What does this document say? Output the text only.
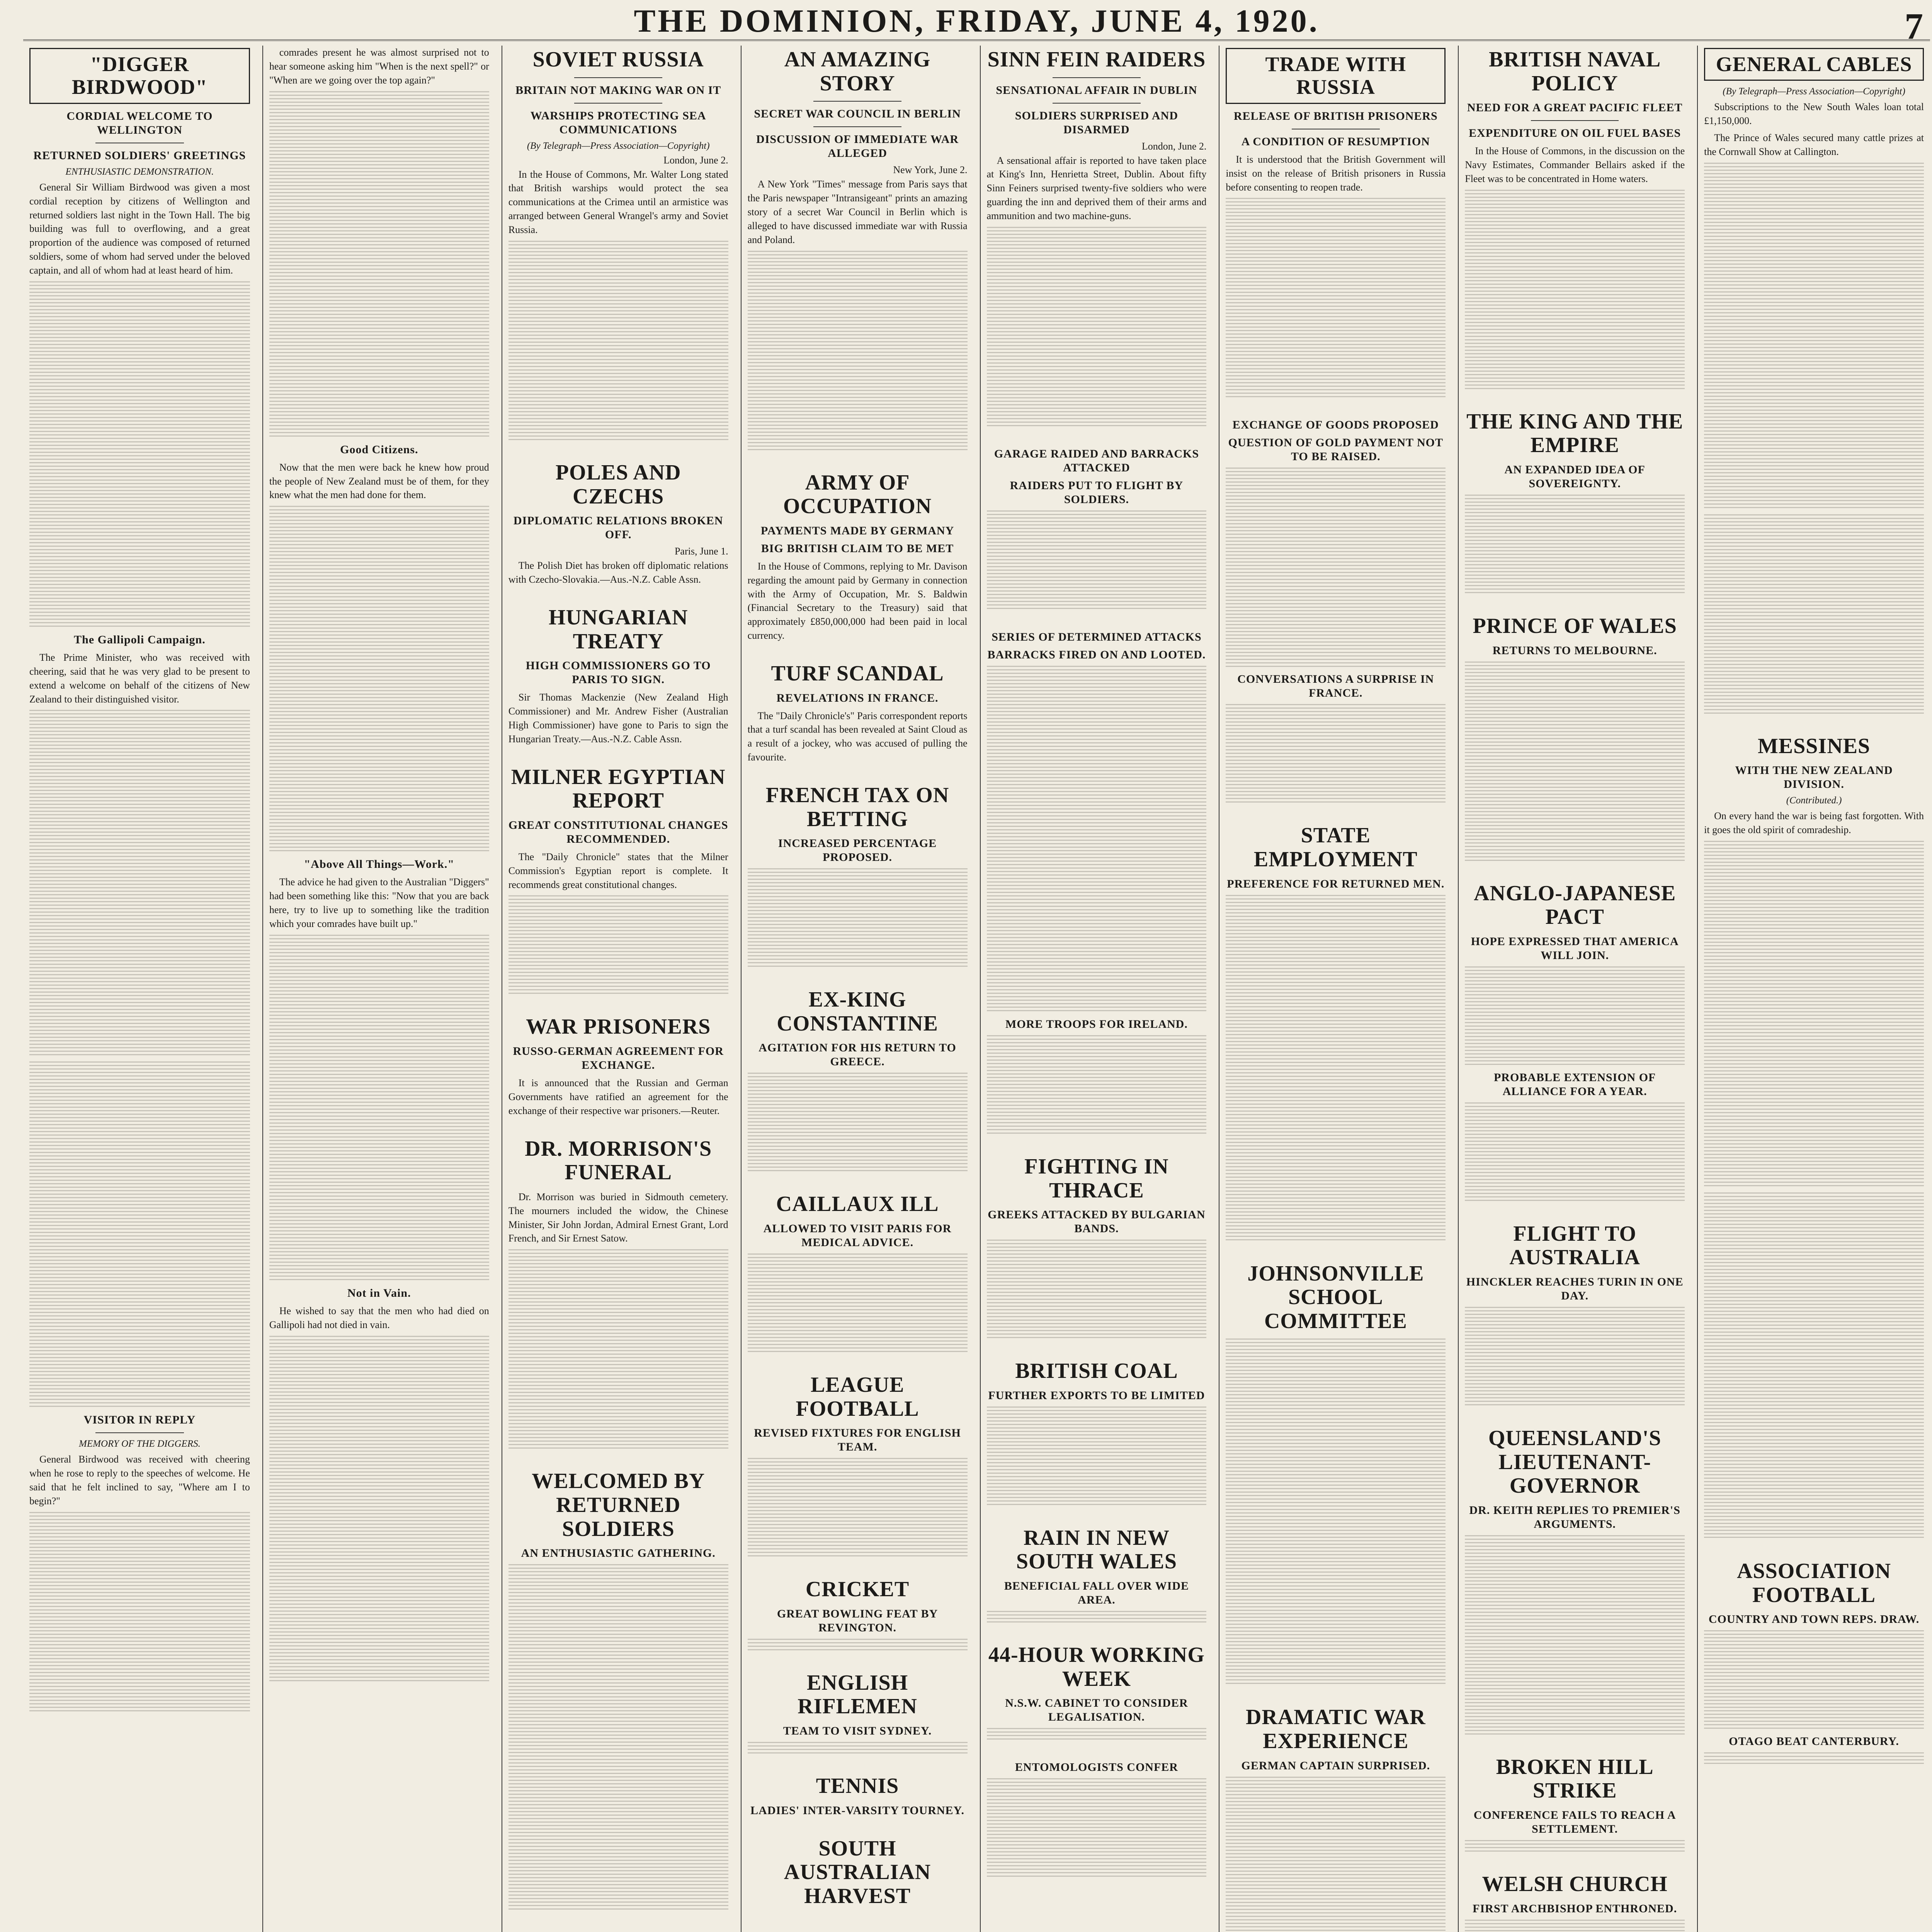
THE DOMINION, FRIDAY, JUNE 4, 1920.	7
"DIGGER BIRDWOOD"
CORDIAL WELCOME TO WELLINGTON
RETURNED SOLDIERS' GREETINGS
ENTHUSIASTIC DEMONSTRATION.

General Sir William Birdwood was given a most cordial reception by citizens of Wellington and returned soldiers last night in the Town Hall. The big building was full to overflowing, and a great proportion of the audience was composed of returned soldiers, some of whom had served under the beloved captain, and all of whom had at least heard of him.

The Gallipoli Campaign.

The Prime Minister, who was received with cheering, said that he was very glad to be present to extend a welcome on behalf of the citizens of New Zealand to their distinguished visitor.

VISITOR IN REPLY
MEMORY OF THE DIGGERS.

General Birdwood was received with cheering when he rose to reply to the speeches of welcome. He said that he felt inclined to say, "Where am I to begin?"

comrades present he was almost surprised not to hear someone asking him "When is the next spell?" or "When are we going over the top again?"

Good Citizens.

Now that the men were back he knew how proud the people of New Zealand must be of them, for they knew what the men had done for them.

"Above All Things—Work."

The advice he had given to the Australian "Diggers" had been something like this: "Now that you are back here, try to live up to something like the tradition which your comrades have built up."

Not in Vain.

He wished to say that the men who had died on Gallipoli had not died in vain.

SOVIET RUSSIA
BRITAIN NOT MAKING WAR ON IT
WARSHIPS PROTECTING SEA COMMUNICATIONS
(By Telegraph—Press Association—Copyright)
London, June 2.

In the House of Commons, Mr. Walter Long stated that British warships would protect the sea communications at the Crimea until an armistice was arranged between General Wrangel's army and Soviet Russia.

POLES AND CZECHS
DIPLOMATIC RELATIONS BROKEN OFF.
Paris, June 1.

The Polish Diet has broken off diplomatic relations with Czecho-Slovakia.—Aus.-N.Z. Cable Assn.

HUNGARIAN TREATY
HIGH COMMISSIONERS GO TO PARIS TO SIGN.

Sir Thomas Mackenzie (New Zealand High Commissioner) and Mr. Andrew Fisher (Australian High Commissioner) have gone to Paris to sign the Hungarian Treaty.—Aus.-N.Z. Cable Assn.

MILNER EGYPTIAN REPORT
GREAT CONSTITUTIONAL CHANGES RECOMMENDED.

The "Daily Chronicle" states that the Milner Commission's Egyptian report is complete. It recommends great constitutional changes.

WAR PRISONERS
RUSSO-GERMAN AGREEMENT FOR EXCHANGE.

It is announced that the Russian and German Governments have ratified an agreement for the exchange of their respective war prisoners.—Reuter.

DR. MORRISON'S FUNERAL

Dr. Morrison was buried in Sidmouth cemetery. The mourners included the widow, the Chinese Minister, Sir John Jordan, Admiral Ernest Grant, Lord French, and Sir Ernest Satow.

WELCOMED BY RETURNED SOLDIERS
AN ENTHUSIASTIC GATHERING.
AN AMAZING STORY
SECRET WAR COUNCIL IN BERLIN
DISCUSSION OF IMMEDIATE WAR ALLEGED
New York, June 2.

A New York "Times" message from Paris says that the Paris newspaper "Intransigeant" prints an amazing story of a secret War Council in Berlin which is alleged to have discussed immediate war with Russia and Poland.

ARMY OF OCCUPATION
PAYMENTS MADE BY GERMANY
BIG BRITISH CLAIM TO BE MET

In the House of Commons, replying to Mr. Davison regarding the amount paid by Germany in connection with the Army of Occupation, Mr. S. Baldwin (Financial Secretary to the Treasury) said that approximately £850,000,000 had been paid in local currency.

TURF SCANDAL
REVELATIONS IN FRANCE.

The "Daily Chronicle's" Paris correspondent reports that a turf scandal has been revealed at Saint Cloud as a result of a jockey, who was accused of pulling the favourite.

FRENCH TAX ON BETTING
INCREASED PERCENTAGE PROPOSED.
EX-KING CONSTANTINE
AGITATION FOR HIS RETURN TO GREECE.
CAILLAUX ILL
ALLOWED TO VISIT PARIS FOR MEDICAL ADVICE.
LEAGUE FOOTBALL
REVISED FIXTURES FOR ENGLISH TEAM.
CRICKET
GREAT BOWLING FEAT BY REVINGTON.
ENGLISH RIFLEMEN
TEAM TO VISIT SYDNEY.
TENNIS
LADIES' INTER-VARSITY TOURNEY.
SOUTH AUSTRALIAN HARVEST
SINN FEIN RAIDERS
SENSATIONAL AFFAIR IN DUBLIN
SOLDIERS SURPRISED AND DISARMED
London, June 2.

A sensational affair is reported to have taken place at King's Inn, Henrietta Street, Dublin. About fifty Sinn Feiners surprised twenty-five soldiers who were guarding the inn and deprived them of their arms and ammunition and two machine-guns.

GARAGE RAIDED AND BARRACKS ATTACKED
RAIDERS PUT TO FLIGHT BY SOLDIERS.
SERIES OF DETERMINED ATTACKS
BARRACKS FIRED ON AND LOOTED.
MORE TROOPS FOR IRELAND.
FIGHTING IN THRACE
GREEKS ATTACKED BY BULGARIAN BANDS.
BRITISH COAL
FURTHER EXPORTS TO BE LIMITED
RAIN IN NEW SOUTH WALES
BENEFICIAL FALL OVER WIDE AREA.
44-HOUR WORKING WEEK
N.S.W. CABINET TO CONSIDER LEGALISATION.
ENTOMOLOGISTS CONFER
TRADE WITH RUSSIA
RELEASE OF BRITISH PRISONERS
A CONDITION OF RESUMPTION

It is understood that the British Government will insist on the release of British prisoners in Russia before consenting to reopen trade.

EXCHANGE OF GOODS PROPOSED
QUESTION OF GOLD PAYMENT NOT TO BE RAISED.
CONVERSATIONS A SURPRISE IN FRANCE.
STATE EMPLOYMENT
PREFERENCE FOR RETURNED MEN.
JOHNSONVILLE SCHOOL COMMITTEE
DRAMATIC WAR EXPERIENCE
GERMAN CAPTAIN SURPRISED.
BRITISH NAVAL POLICY
NEED FOR A GREAT PACIFIC FLEET
EXPENDITURE ON OIL FUEL BASES

In the House of Commons, in the discussion on the Navy Estimates, Commander Bellairs asked if the Fleet was to be concentrated in Home waters.

THE KING AND THE EMPIRE
AN EXPANDED IDEA OF SOVEREIGNTY.
PRINCE OF WALES
RETURNS TO MELBOURNE.
ANGLO-JAPANESE PACT
HOPE EXPRESSED THAT AMERICA WILL JOIN.
PROBABLE EXTENSION OF ALLIANCE FOR A YEAR.
FLIGHT TO AUSTRALIA
HINCKLER REACHES TURIN IN ONE DAY.
QUEENSLAND'S LIEUTENANT-GOVERNOR
DR. KEITH REPLIES TO PREMIER'S ARGUMENTS.
BROKEN HILL STRIKE
CONFERENCE FAILS TO REACH A SETTLEMENT.
WELSH CHURCH
FIRST ARCHBISHOP ENTHRONED.
GENERAL CABLES
(By Telegraph—Press Association—Copyright)

Subscriptions to the New South Wales loan total £1,150,000.

The Prince of Wales secured many cattle prizes at the Cornwall Show at Callington.

MESSINES
WITH THE NEW ZEALAND DIVISION.
(Contributed.)

On every hand the war is being fast forgotten. With it goes the old spirit of comradeship.

ASSOCIATION FOOTBALL
COUNTRY AND TOWN REPS. DRAW.
OTAGO BEAT CANTERBURY.
